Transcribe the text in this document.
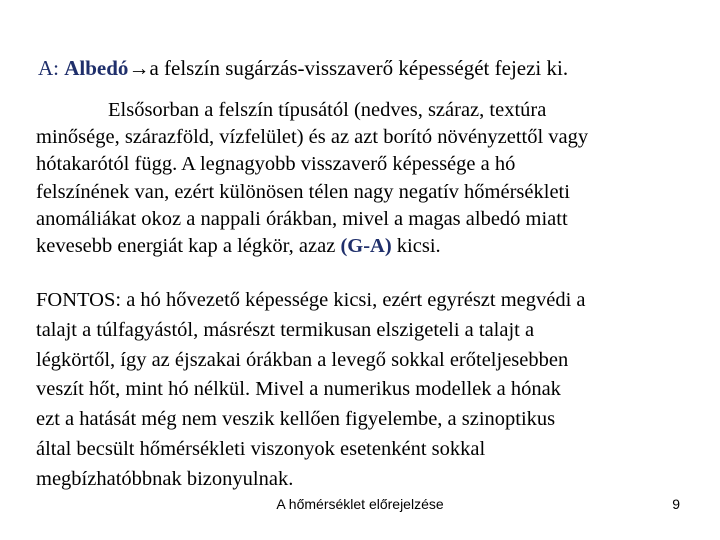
A: Albedó→a felszín sugárzás-visszaverő képességét fejezi ki.
Elsősorban a felszín típusától (nedves, száraz, textúra
minősége, szárazföld, vízfelület) és az azt borító növényzettől vagy
hótakarótól függ. A legnagyobb visszaverő képessége a hó
felszínének van, ezért különösen télen nagy negatív hőmérsékleti
anomáliákat okoz a nappali órákban, mivel a magas albedó miatt
kevesebb energiát kap a légkör, azaz (G-A) kicsi.
FONTOS: a hó hővezető képessége kicsi, ezért egyrészt megvédi a
talajt a túlfagyástól, másrészt termikusan elszigeteli a talajt a
légkörtől, így az éjszakai órákban a levegő sokkal erőteljesebben
veszít hőt, mint hó nélkül. Mivel a numerikus modellek a hónak
ezt a hatását még nem veszik kellően figyelembe, a szinoptikus
által becsült hőmérsékleti viszonyok esetenként sokkal
megbízhatóbbnak bizonyulnak.
A hőmérséklet előrejelzése	9
